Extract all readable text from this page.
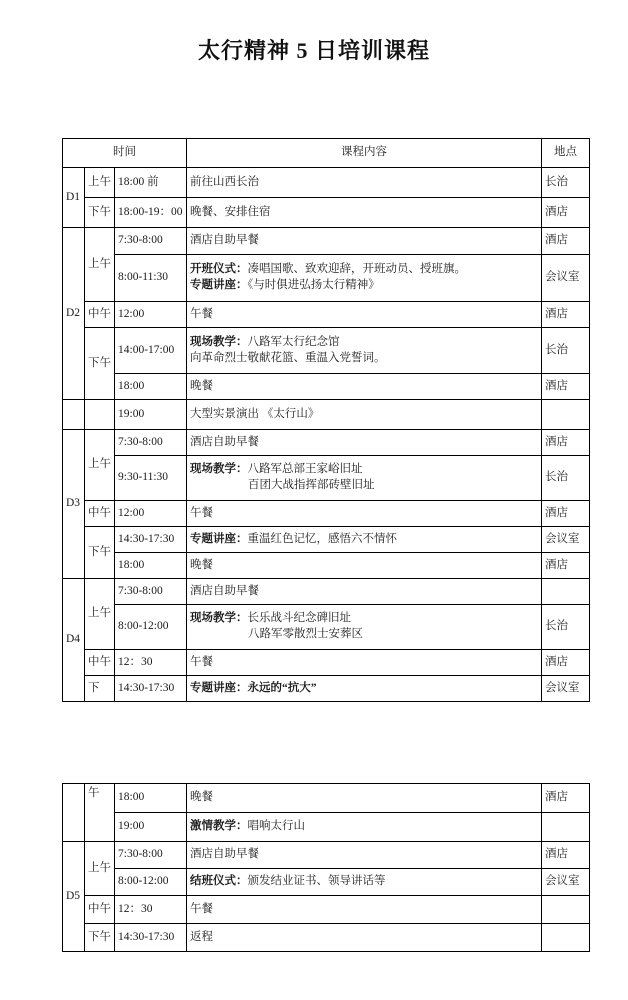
太行精神 5 日培训课程
时间			课程内容	地点
D1	上午	18:00 前	前往山西长治	长治
	下午	18:00-19：00	晚餐、安排住宿	酒店
D2	上午	7:30-8:00	酒店自助早餐	酒店
		8:00-11:30	开班仪式：凑唱国歌、致欢迎辞，开班动员、授班旗。
专题讲座：《与时俱进弘扬太行精神》	会议室
	中午	12:00	午餐	酒店
	下午	14:00-17:00	现场教学：八路军太行纪念馆
向革命烈士敬献花篮、重温入党誓词。	长治
		18:00	晚餐	酒店
		19:00	大型实景演出 《太行山》	
D3	上午	7:30-8:00	酒店自助早餐	酒店
		9:30-11:30	现场教学：八路军总部王家峪旧址
百团大战指挥部砖壁旧址	长治
	中午	12:00	午餐	酒店
	下午	14:30-17:30	专题讲座：重温红色记忆，感悟六不情怀	会议室
		18:00	晚餐	酒店
D4	上午	7:30-8:00	酒店自助早餐	
		8:00-12:00	现场教学：长乐战斗纪念碑旧址
八路军零散烈士安葬区	长治
	中午	12：30	午餐	酒店
	下	14:30-17:30	专题讲座：永远的“抗大”	会议室
	午	18:00	晚餐	酒店
		19:00	激情教学：唱响太行山	
D5	上午	7:30-8:00	酒店自助早餐	酒店
		8:00-12:00	结班仪式：颁发结业证书、领导讲话等	会议室
	中午	12：30	午餐	
	下午	14:30-17:30	返程	
